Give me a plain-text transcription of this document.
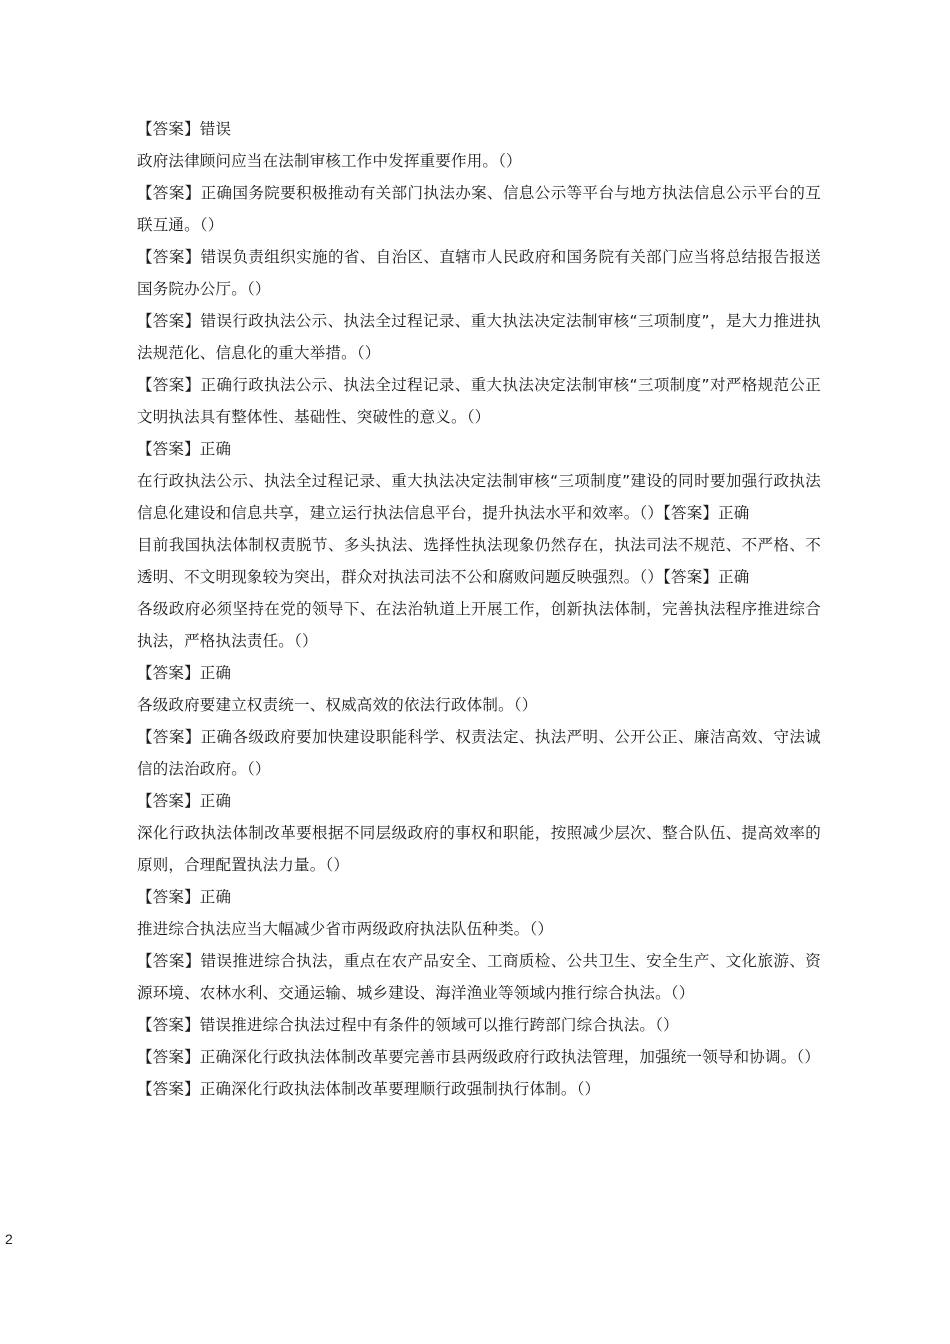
【答案】错误

政府法律顾问应当在法制审核工作中发挥重要作用。（）

【答案】正确国务院要积极推动有关部门执法办案、信息公示等平台与地方执法信息公示平台的互联互通。（）

【答案】错误负责组织实施的省、自治区、直辖市人民政府和国务院有关部门应当将总结报告报送国务院办公厅。（）

【答案】错误行政执法公示、执法全过程记录、重大执法决定法制审核“三项制度”，是大力推进执法规范化、信息化的重大举措。（）

【答案】正确行政执法公示、执法全过程记录、重大执法决定法制审核“三项制度”对严格规范公正文明执法具有整体性、基础性、突破性的意义。（）

【答案】正确

在行政执法公示、执法全过程记录、重大执法决定法制审核“三项制度”建设的同时要加强行政执法信息化建设和信息共享，建立运行执法信息平台，提升执法水平和效率。（）【答案】正确

目前我国执法体制权责脱节、多头执法、选择性执法现象仍然存在，执法司法不规范、不严格、不透明、不文明现象较为突出，群众对执法司法不公和腐败问题反映强烈。（）【答案】正确

各级政府必须坚持在党的领导下、在法治轨道上开展工作，创新执法体制，完善执法程序推进综合执法，严格执法责任。（）

【答案】正确

各级政府要建立权责统一、权威高效的依法行政体制。（）

【答案】正确各级政府要加快建设职能科学、权责法定、执法严明、公开公正、廉洁高效、守法诚信的法治政府。（）

【答案】正确

深化行政执法体制改革要根据不同层级政府的事权和职能，按照减少层次、整合队伍、提高效率的原则，合理配置执法力量。（）

【答案】正确

推进综合执法应当大幅减少省市两级政府执法队伍种类。（）

【答案】错误推进综合执法，重点在农产品安全、工商质检、公共卫生、安全生产、文化旅游、资源环境、农林水利、交通运输、城乡建设、海洋渔业等领域内推行综合执法。（）

【答案】错误推进综合执法过程中有条件的领域可以推行跨部门综合执法。（）

【答案】正确深化行政执法体制改革要完善市县两级政府行政执法管理，加强统一领导和协调。（）

【答案】正确深化行政执法体制改革要理顺行政强制执行体制。（）

2
